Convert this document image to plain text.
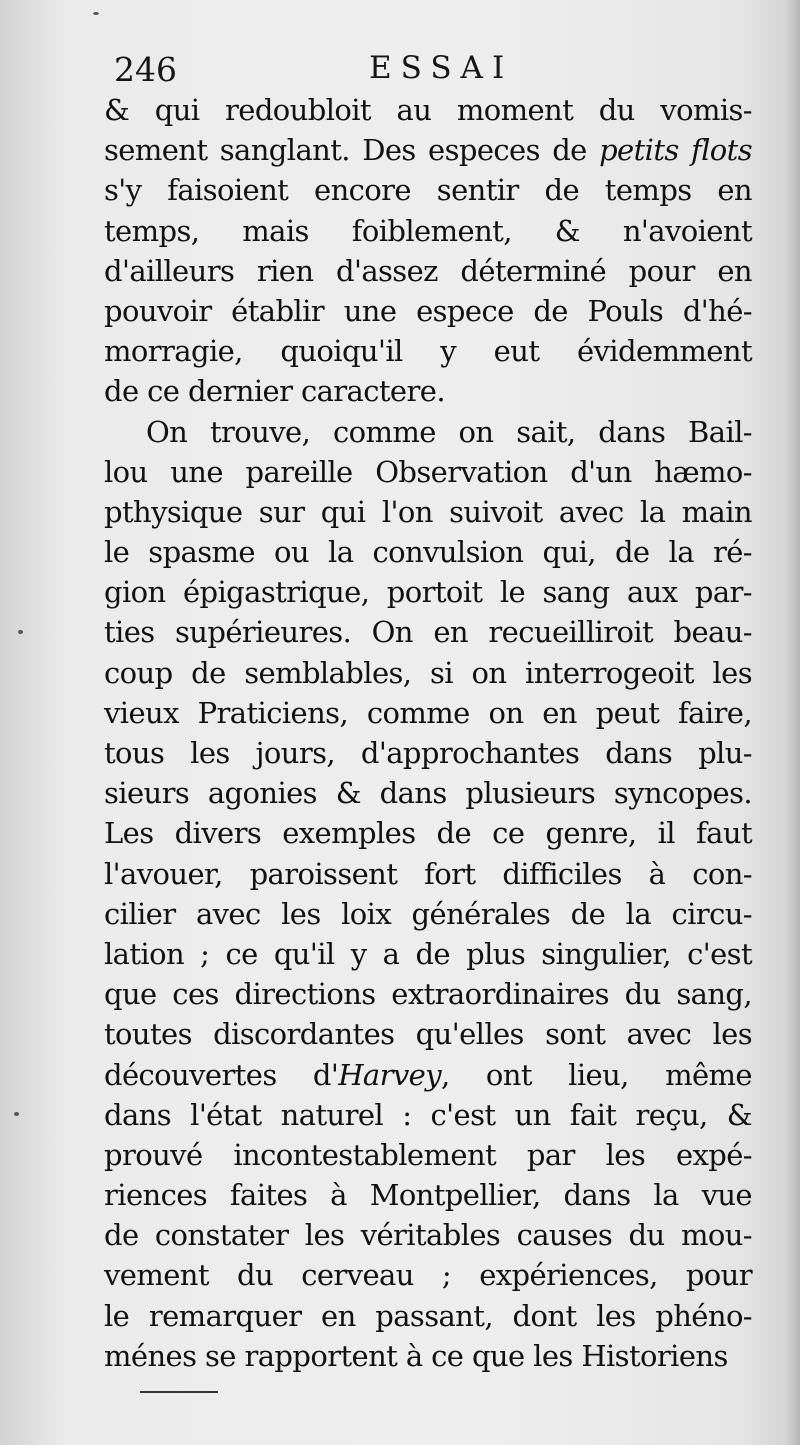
246	ESSAI
& qui redoubloit au moment du vomis-
sement sanglant. Des especes de petits flots
s'y faisoient encore sentir de temps en
temps, mais foiblement, & n'avoient
d'ailleurs rien d'assez déterminé pour en
pouvoir établir une espece de Pouls d'hé-
morragie, quoiqu'il y eut évidemment
de ce dernier caractere.
On trouve, comme on sait, dans Bail-
lou une pareille Observation d'un hæmo-
pthysique sur qui l'on suivoit avec la main
le spasme ou la convulsion qui, de la ré-
gion épigastrique, portoit le sang aux par-
ties supérieures. On en recueilliroit beau-
coup de semblables, si on interrogeoit les
vieux Praticiens, comme on en peut faire,
tous les jours, d'approchantes dans plu-
sieurs agonies & dans plusieurs syncopes.
Les divers exemples de ce genre, il faut
l'avouer, paroissent fort difficiles à con-
cilier avec les loix générales de la circu-
lation ; ce qu'il y a de plus singulier, c'est
que ces directions extraordinaires du sang,
toutes discordantes qu'elles sont avec les
découvertes d'Harvey, ont lieu, même
dans l'état naturel : c'est un fait reçu, &
prouvé incontestablement par les expé-
riences faites à Montpellier, dans la vue
de constater les véritables causes du mou-
vement du cerveau ; expériences, pour
le remarquer en passant, dont les phéno-
ménes se rapportent à ce que les Historiens
